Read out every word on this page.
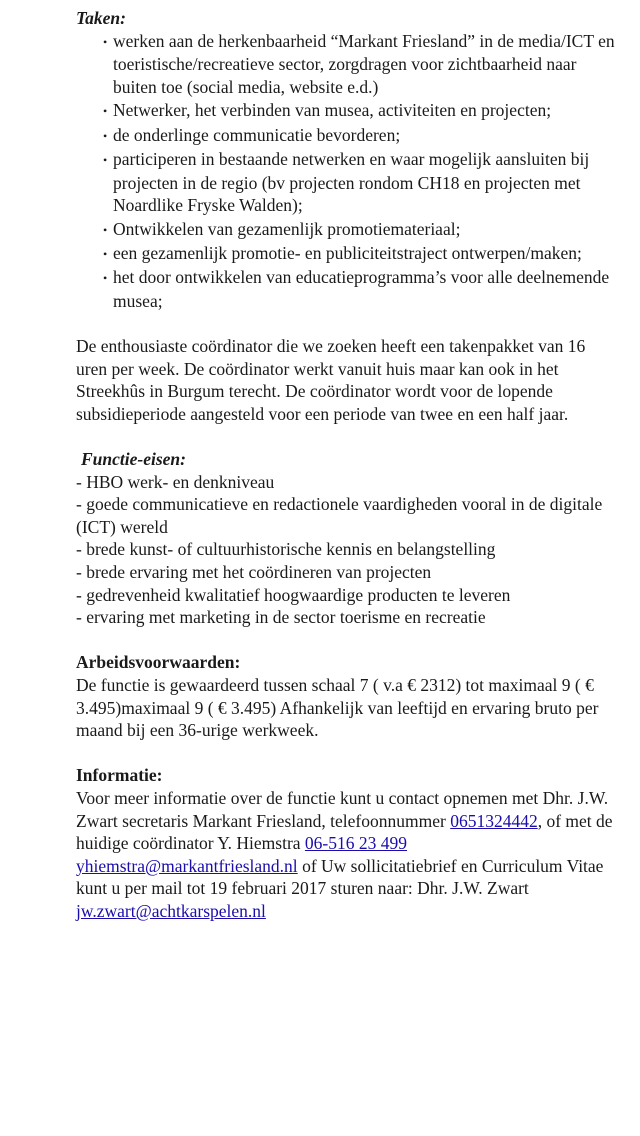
Taken:

• werken aan de herkenbaarheid “Markant Friesland” in de media/ICT en toeristische/recreatieve sector, zorgdragen voor zichtbaarheid naar buiten toe (social media, website e.d.)
• Netwerker, het verbinden van musea, activiteiten en projecten;
• de onderlinge communicatie bevorderen;
• participeren in bestaande netwerken en waar mogelijk aansluiten bij projecten in de regio (bv projecten rondom CH18 en projecten met Noardlike Fryske Walden);
• Ontwikkelen van gezamenlijk promotiemateriaal;
• een gezamenlijk promotie- en publiciteitstraject ontwerpen/maken;
• het door ontwikkelen van educatieprogramma’s voor alle deelnemende musea;

De enthousiaste coördinator die we zoeken heeft een takenpakket van 16 uren per week. De coördinator werkt vanuit huis maar kan ook in het Streekhûs in Burgum terecht. De coördinator wordt voor de lopende subsidieperiode aangesteld voor een periode van twee en een half jaar.

Functie-eisen:

- HBO werk- en denkniveau
- goede communicatieve en redactionele vaardigheden vooral in de digitale (ICT) wereld
- brede kunst- of cultuurhistorische kennis en belangstelling
- brede ervaring met het coördineren van projecten
- gedrevenheid kwalitatief hoogwaardige producten te leveren
- ervaring met marketing in de sector toerisme en recreatie

Arbeidsvoorwaarden:

De functie is gewaardeerd tussen schaal 7 ( v.a € 2312) tot maximaal 9 ( € 3.495)maximaal 9 ( € 3.495) Afhankelijk van leeftijd en ervaring bruto per maand bij een 36-urige werkweek.

Informatie:

Voor meer informatie over de functie kunt u contact opnemen met Dhr. J.W. Zwart secretaris Markant Friesland, telefoonnummer 0651324442, of met de huidige coördinator Y. Hiemstra 06-516 23 499 yhiemstra@markantfriesland.nl of Uw sollicitatiebrief en Curriculum Vitae kunt u per mail tot 19 februari 2017 sturen naar: Dhr. J.W. Zwart jw.zwart@achtkarspelen.nl
